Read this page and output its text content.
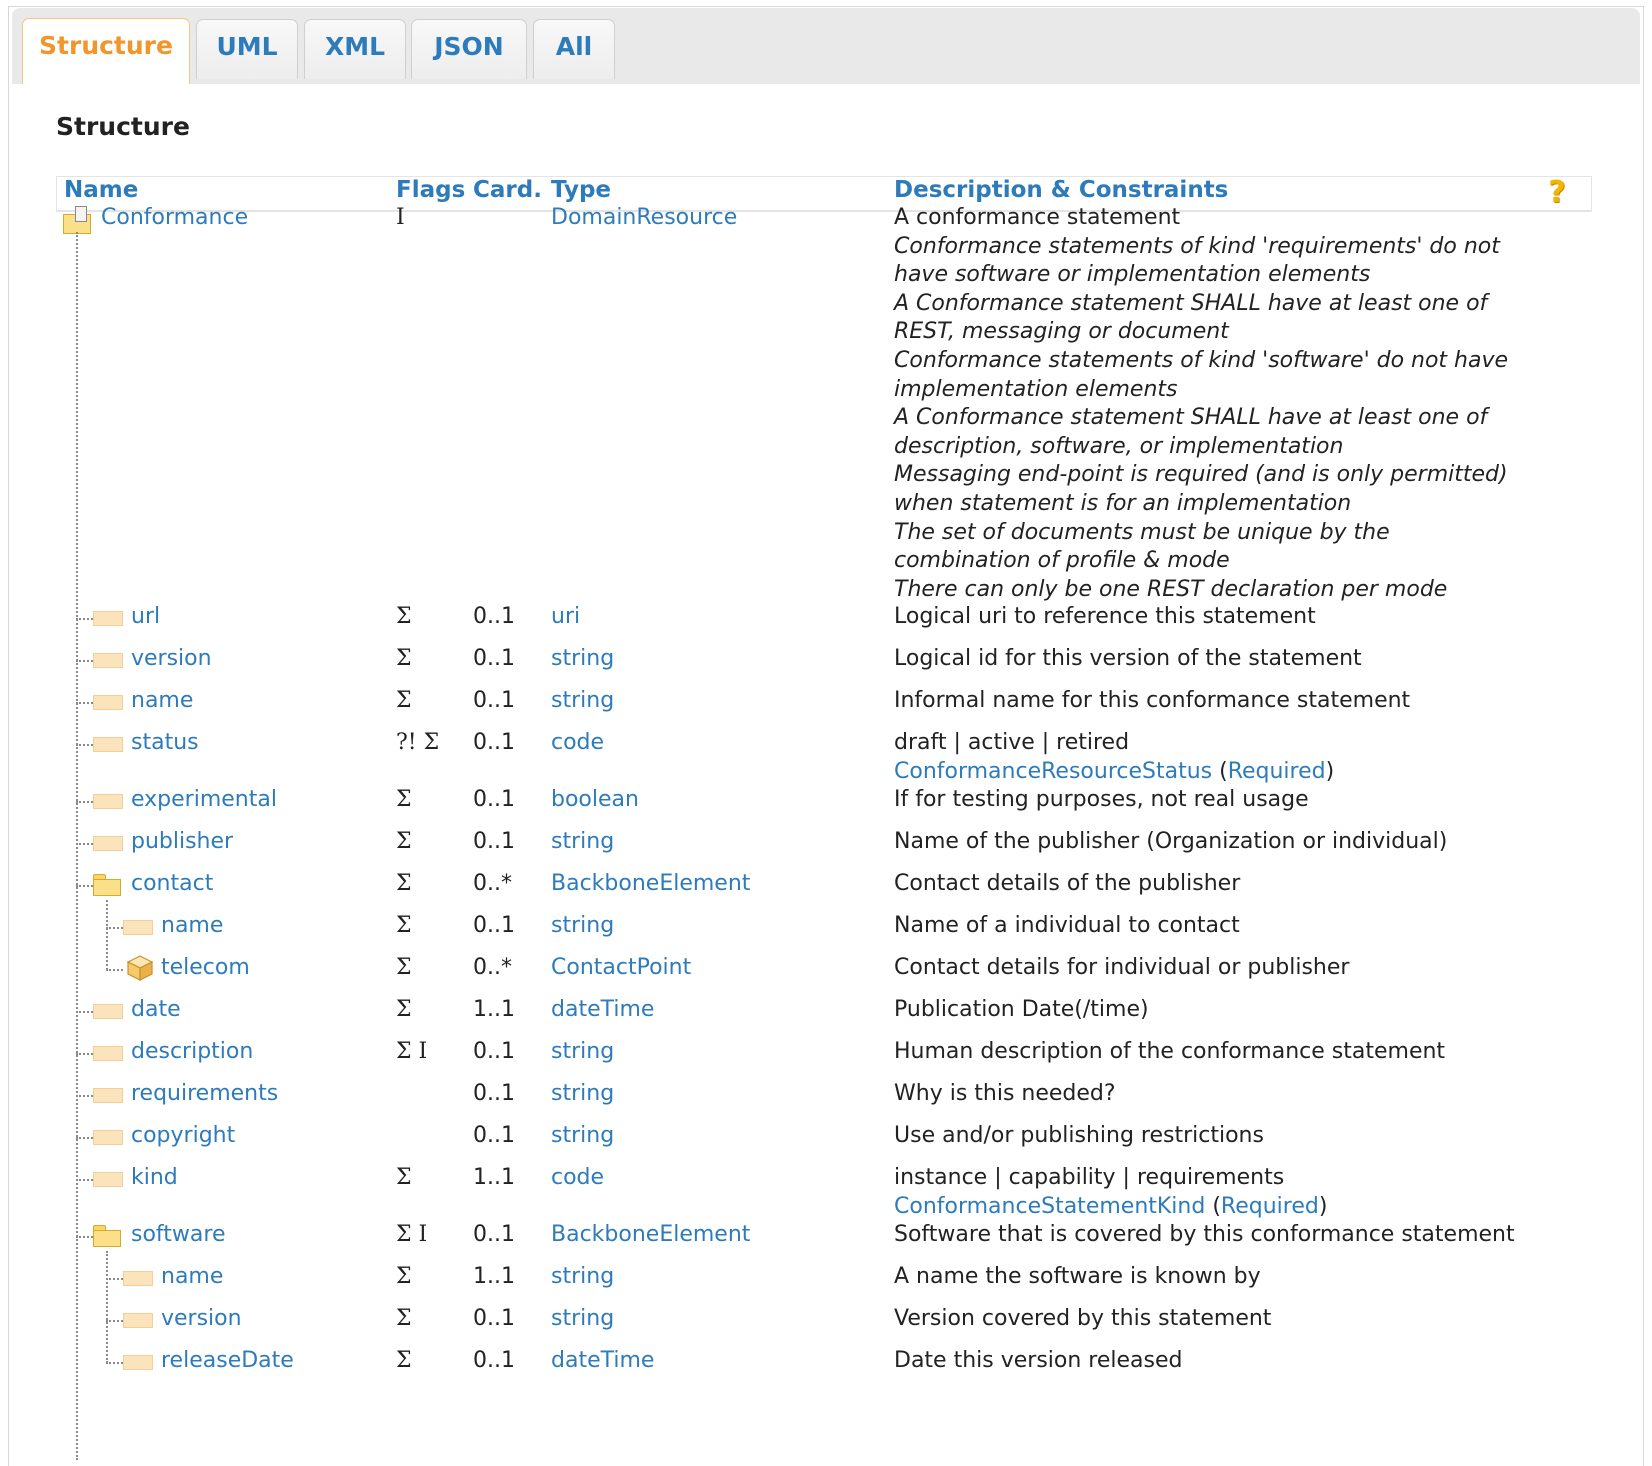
Structure	UML	XML	JSON	All
Structure
Name	Flags Card. Type	Description & Constraints	?
Conformance	I	DomainResource	A conformance statement
Conformance statements of kind 'requirements' do not
have software or implementation elements
A Conformance statement SHALL have at least one of
REST, messaging or document
Conformance statements of kind 'software' do not have
implementation elements
A Conformance statement SHALL have at least one of
description, software, or implementation
Messaging end-point is required (and is only permitted)
when statement is for an implementation
The set of documents must be unique by the
combination of profile & mode
There can only be one REST declaration per mode
url	Σ	0..1 uri	Logical uri to reference this statement
version	Σ	0..1 string	Logical id for this version of the statement
name	Σ	0..1 string	Informal name for this conformance statement
status	?! Σ 0..1 code	draft | active | retired
ConformanceResourceStatus (Required)
experimental	Σ	0..1 boolean	If for testing purposes, not real usage
publisher	Σ	0..1 string	Name of the publisher (Organization or individual)
contact	Σ	0..* BackboneElement	Contact details of the publisher
name	Σ	0..1 string	Name of a individual to contact
telecom	Σ	0..* ContactPoint	Contact details for individual or publisher
date	Σ	1..1 dateTime	Publication Date(/time)
description	Σ I 0..1 string	Human description of the conformance statement
requirements	0..1 string	Why is this needed?
copyright	0..1 string	Use and/or publishing restrictions
kind	Σ	1..1 code	instance | capability | requirements
ConformanceStatementKind (Required)
software	Σ I 0..1 BackboneElement	Software that is covered by this conformance statement
name	Σ	1..1 string	A name the software is known by
version	Σ	0..1 string	Version covered by this statement
releaseDate	Σ	0..1 dateTime	Date this version released
